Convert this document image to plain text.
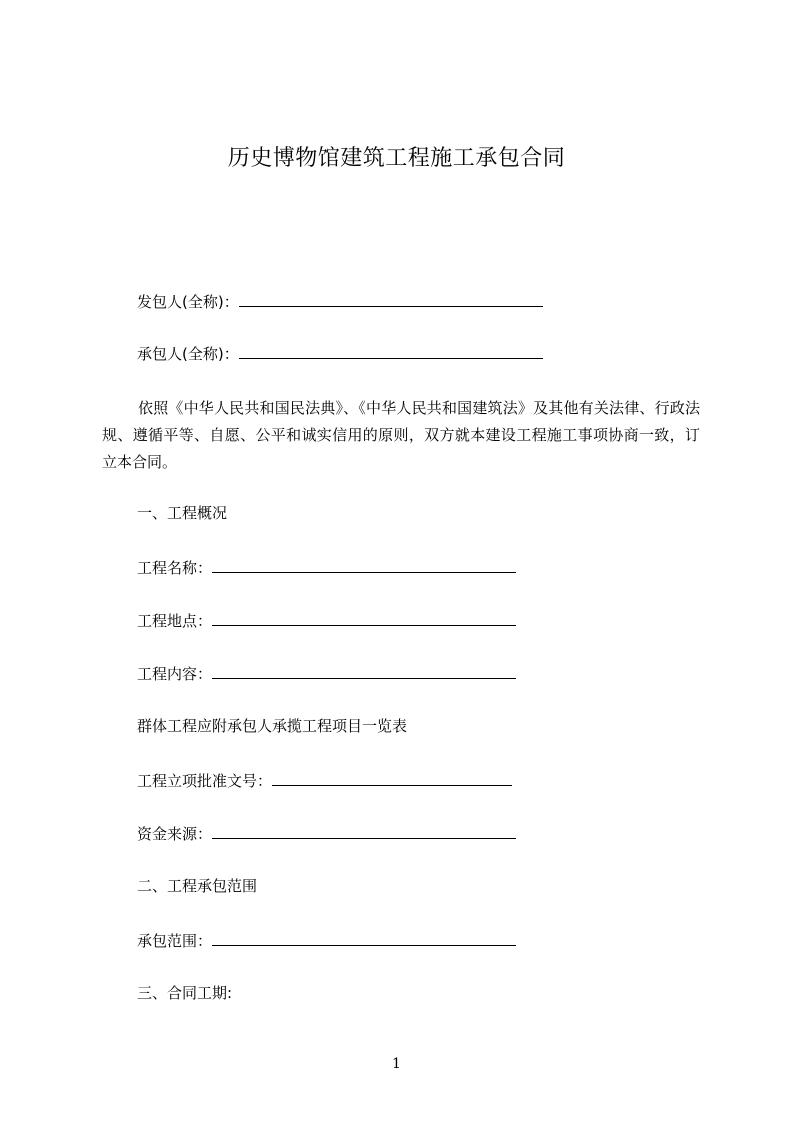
历史博物馆建筑工程施工承包合同
发包人(全称)：
承包人(全称)：
依照《中华人民共和国民法典》、《中华人民共和国建筑法》及其他有关法律、行政法规、遵循平等、自愿、公平和诚实信用的原则，双方就本建设工程施工事项协商一致，订立本合同。
一、工程概况
工程名称：
工程地点：
工程内容：
群体工程应附承包人承揽工程项目一览表
工程立项批准文号：
资金来源：
二、工程承包范围
承包范围：
三、合同工期:
1
